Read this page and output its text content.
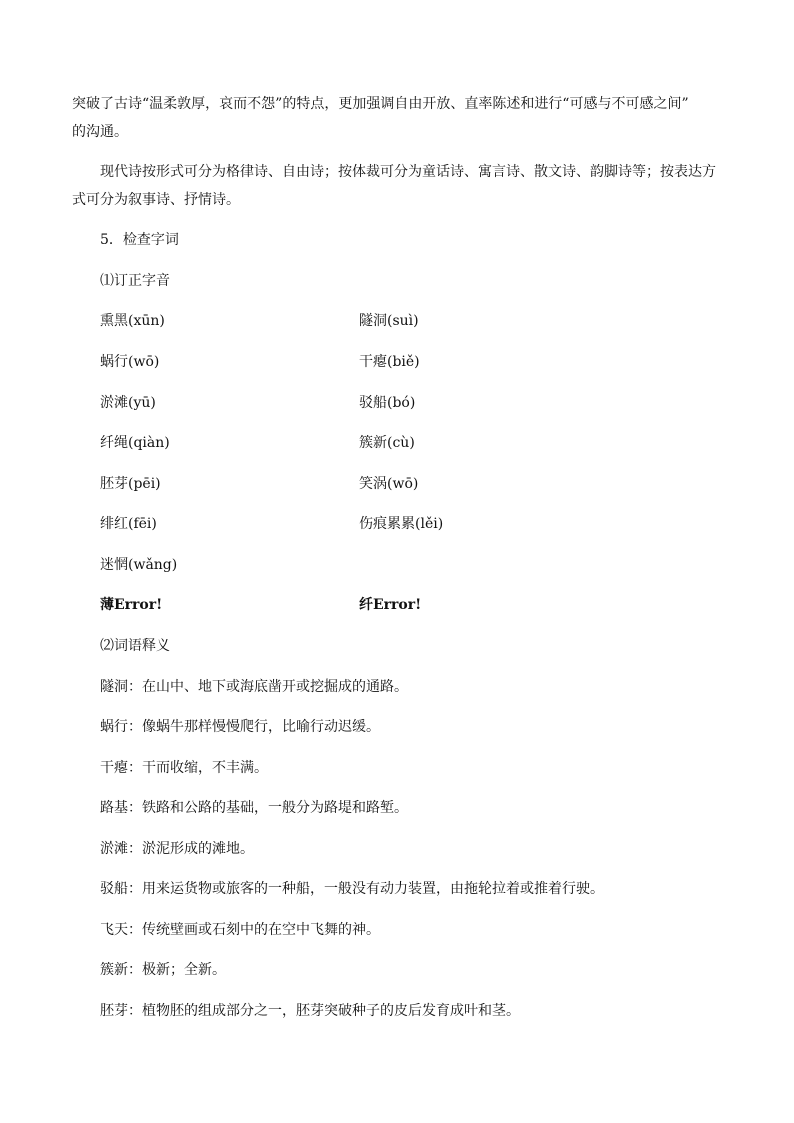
突破了古诗“温柔敦厚，哀而不怨”的特点，更加强调自由开放、直率陈述和进行“可感与不可感之间”
的沟通。
现代诗按形式可分为格律诗、自由诗；按体裁可分为童话诗、寓言诗、散文诗、韵脚诗等；按表达方
式可分为叙事诗、抒情诗。
5．检查字词
⑴订正字音
熏黑(xūn)	隧洞(suì)
蜗行(wō)	干瘪(biě)
淤滩(yū)	驳船(bó)
纤绳(qiàn)	簇新(cù)
胚芽(pēi)	笑涡(wō)
绯红(fēi)	伤痕累累(lěi)
迷惘(wǎng)
薄Error!	纤Error!
⑵词语释义
隧洞：在山中、地下或海底凿开或挖掘成的通路。
蜗行：像蜗牛那样慢慢爬行，比喻行动迟缓。
干瘪：干而收缩，不丰满。
路基：铁路和公路的基础，一般分为路堤和路堑。
淤滩：淤泥形成的滩地。
驳船：用来运货物或旅客的一种船，一般没有动力装置，由拖轮拉着或推着行驶。
飞天：传统壁画或石刻中的在空中飞舞的神。
簇新：极新；全新。
胚芽：植物胚的组成部分之一，胚芽突破种子的皮后发育成叶和茎。
